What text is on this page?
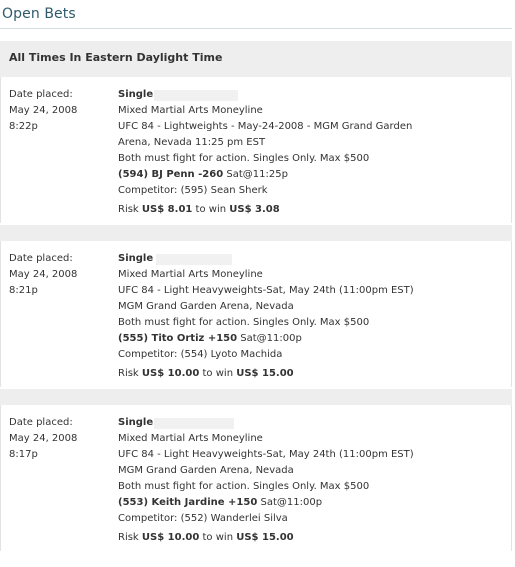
Open Bets
All Times In Eastern Daylight Time
Date placed:
May 24, 2008
8:22p
Single
Mixed Martial Arts Moneyline
UFC 84 - Lightweights - May-24-2008 - MGM Grand Garden
Arena, Nevada 11:25 pm EST
Both must fight for action. Singles Only. Max $500
(594) BJ Penn -260 Sat@11:25p
Competitor: (595) Sean Sherk
Risk US$ 8.01 to win US$ 3.08
Date placed:
May 24, 2008
8:21p
Single
Mixed Martial Arts Moneyline
UFC 84 - Light Heavyweights-Sat, May 24th (11:00pm EST)
MGM Grand Garden Arena, Nevada
Both must fight for action. Singles Only. Max $500
(555) Tito Ortiz +150 Sat@11:00p
Competitor: (554) Lyoto Machida
Risk US$ 10.00 to win US$ 15.00
Date placed:
May 24, 2008
8:17p
Single
Mixed Martial Arts Moneyline
UFC 84 - Light Heavyweights-Sat, May 24th (11:00pm EST)
MGM Grand Garden Arena, Nevada
Both must fight for action. Singles Only. Max $500
(553) Keith Jardine +150 Sat@11:00p
Competitor: (552) Wanderlei Silva
Risk US$ 10.00 to win US$ 15.00
